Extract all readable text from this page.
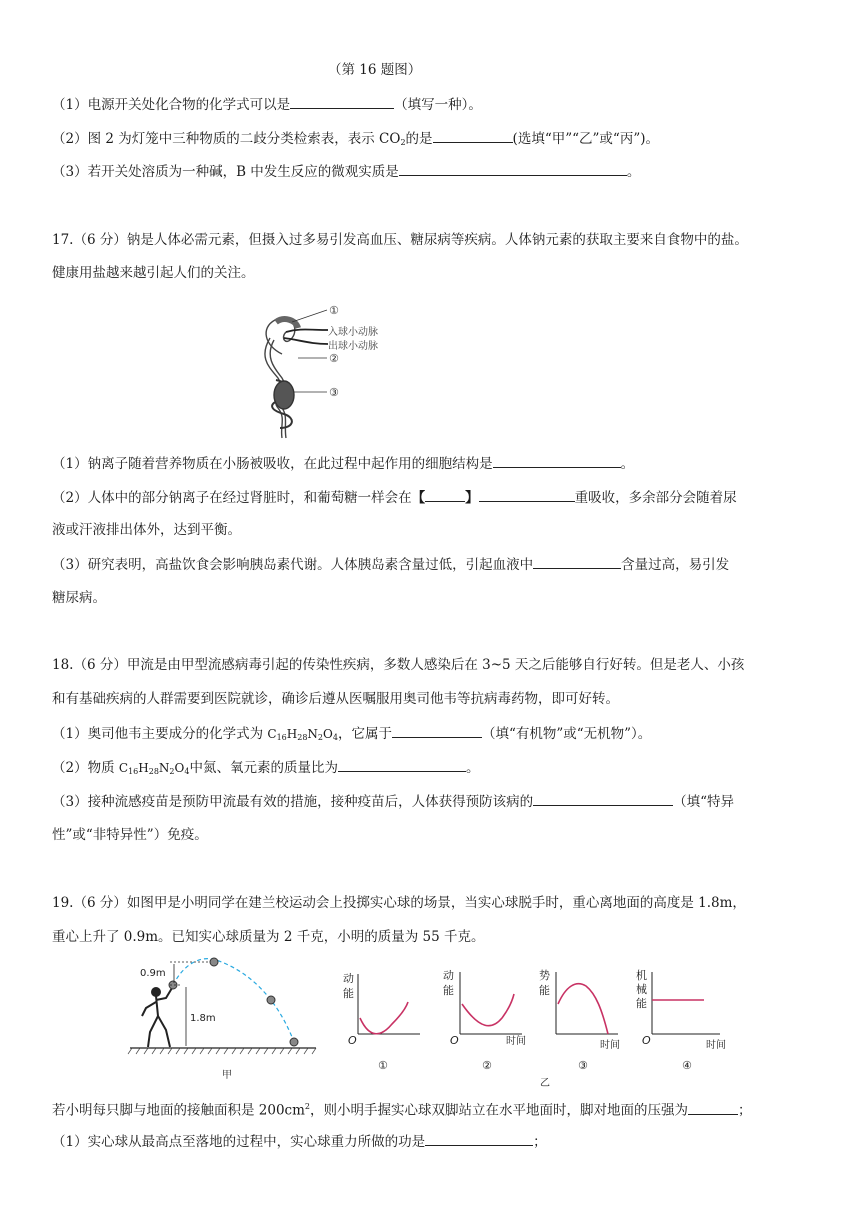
（第 16 题图）
（1）电源开关处化合物的化学式可以是	（填写一种）。
（2）图 2 为灯笼中三种物质的二歧分类检索表，表示 $CO_2$的是	(选填“甲”“乙”或“丙”)。
（3）若开关处溶质为一种碱，B 中发生反应的微观实质是	。
17.（6 分）钠是人体必需元素，但摄入过多易引发高血压、糖尿病等疾病。人体钠元素的获取主要来自食物中的盐。
健康用盐越来越引起人们的关注。
①
入球小动脉
出球小动脉
②
③
（1）钠离子随着营养物质在小肠被吸收，在此过程中起作用的细胞结构是	。
（2）人体中的部分钠离子在经过肾脏时，和葡萄糖一样会在【	】	重吸收，多余部分会随着尿
液或汗液排出体外，达到平衡。
（3）研究表明，高盐饮食会影响胰岛素代谢。人体胰岛素含量过低，引起血液中	含量过高，易引发
糖尿病。
18.（6 分）甲流是由甲型流感病毒引起的传染性疾病，多数人感染后在 3~5 天之后能够自行好转。但是老人、小孩
和有基础疾病的人群需要到医院就诊，确诊后遵从医嘱服用奥司他韦等抗病毒药物，即可好转。
（1）奥司他韦主要成分的化学式为 $C_{16}H_{28}N_2O_4$，它属于	（填“有机物”或“无机物”）。
（2）物质 $C_{16}H_{28}N_2O_4$中氮、氧元素的质量比为	。
（3）接种流感疫苗是预防甲流最有效的措施，接种疫苗后，人体获得预防该病的	（填“特异
性”或“非特异性”）免疫。
19.（6 分）如图甲是小明同学在建兰校运动会上投掷实心球的场景，当实心球脱手时，重心离地面的高度是 1.8m，
重心上升了 0.9m。已知实心球质量为 2 千克，小明的质量为 55 千克。
0.9m
1.8m
甲
动
能
O
①
动
能
O	时间
②
势
能
时间
③
机
械
能
O	时间
④
乙
若小明每只脚与地面的接触面积是 $200cm^2$，则小明手握实心球双脚站立在水平地面时，脚对地面的压强为	；
（1）实心球从最高点至落地的过程中，实心球重力所做的功是	；
